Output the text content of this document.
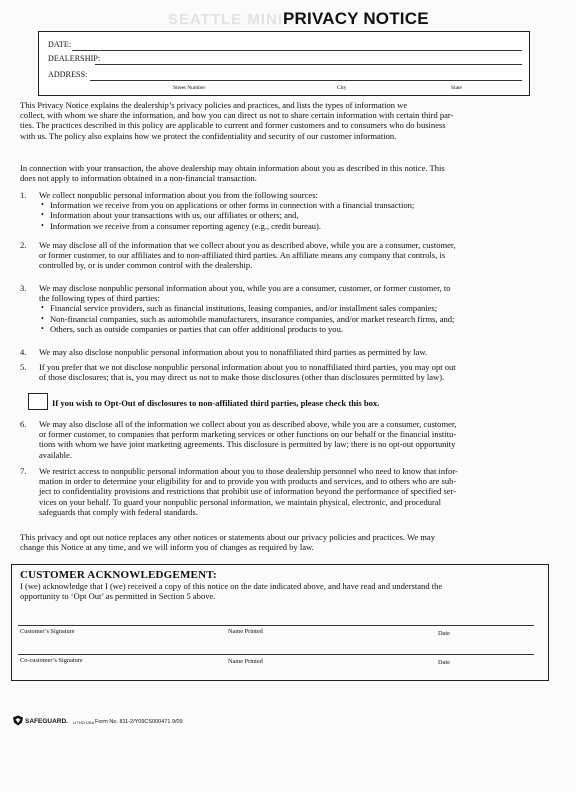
SEATTLE MINI PRIVACY NOTICE
DATE:
DEALERSHIP:
ADDRESS:
Street Number	City	State
This Privacy Notice explains the dealership’s privacy policies and practices, and lists the types of information we
collect, with whom we share the information, and how you can direct us not to share certain information with certain third par-
ties. The practices described in this policy are applicable to current and former customers and to consumers who do business
with us. The policy also explains how we protect the confidentiality and security of our customer information.
In connection with your transaction, the above dealership may obtain information about you as described in this notice. This
does not apply to information obtained in a non-financial transaction.
1. We collect nonpublic personal information about you from the following sources:
• Information we receive from you on applications or other forms in connection with a financial transaction;
• Information about your transactions with us, our affiliates or others; and,
• Information we receive from a consumer reporting agency (e.g., credit bureau).
2. We may disclose all of the information that we collect about you as described above, while you are a consumer, customer,
or former customer, to our affiliates and to non-affiliated third parties. An affiliate means any company that controls, is
controlled by, or is under common control with the dealership.
3. We may disclose nonpublic personal information about you, while you are a consumer, customer, or former customer, to
the following types of third parties:
• Financial service providers, such as financial institutions, leasing companies, and/or installment sales companies;
• Non-financial companies, such as automobile manufacturers, insurance companies, and/or market research firms, and;
• Others, such as outside companies or parties that can offer additional products to you.
4. We may also disclose nonpublic personal information about you to nonaffiliated third parties as permitted by law.
5. If you prefer that we not disclose nonpublic personal information about you to nonaffiliated third parties, you may opt out
of those disclosures; that is, you may direct us not to make those disclosures (other than disclosures permitted by law).
If you wish to Opt-Out of disclosures to non-affiliated third parties, please check this box.
6. We may also disclose all of the information we collect about you as described above, while you are a consumer, customer,
or former customer, to companies that perform marketing services or other functions on our behalf or the financial institu-
tions with whom we have joint marketing agreements. This disclosure is permitted by law; there is no opt-out opportunity
available.
7. We restrict access to nonpublic personal information about you to those dealership personnel who need to know that infor-
mation in order to determine your eligibility for and to provide you with products and services, and to others who are sub-
ject to confidentiality provisions and restrictions that prohibit use of information beyond the performance of specified ser-
vices on your behalf. To guard your nonpublic personal information, we maintain physical, electronic, and procedural
safeguards that comply with federal standards.
This privacy and opt out notice replaces any other notices or statements about our privacy policies and practices. We may
change this Notice at any time, and we will inform you of changes as required by law.
CUSTOMER ACKNOWLEDGEMENT:
I (we) acknowledge that I (we) received a copy of this notice on the date indicated above, and have read and understand the
opportunity to ‘Opt Out’ as permitted in Section 5 above.
Customer’s Signature	Name Printed	Date
Co-customer’s Signature	Name Printed	Date
SAFEGUARD. LITHO USA Form No. 811-2/Y09CS000471 9/09
